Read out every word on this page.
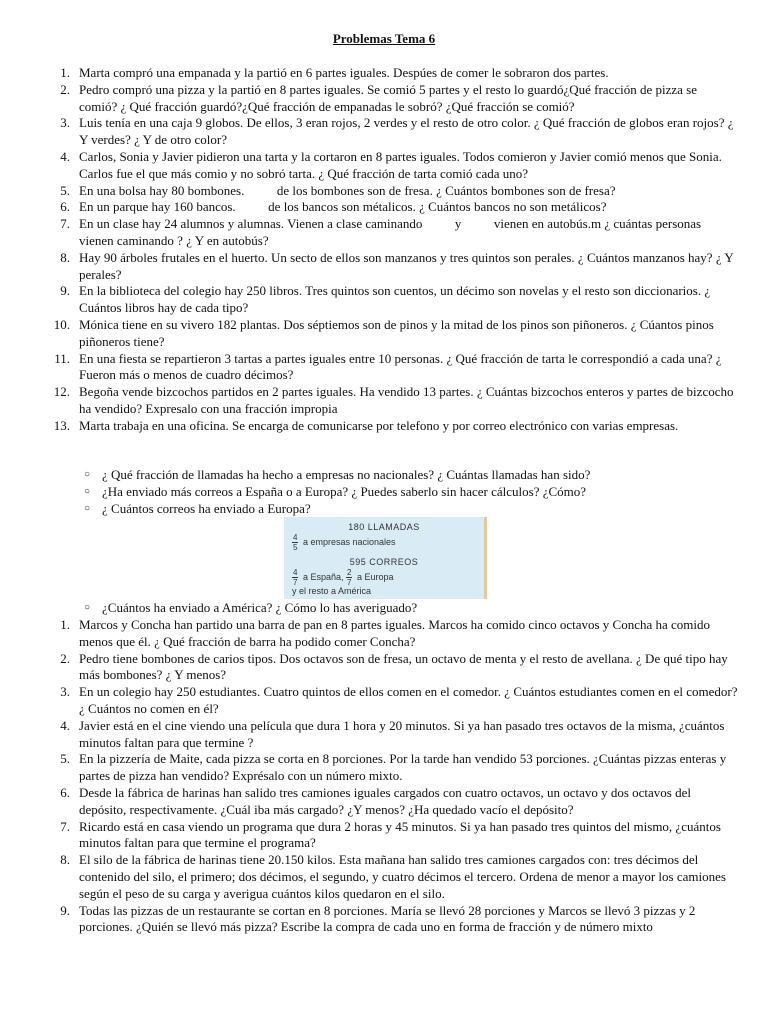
Problemas Tema 6
1. Marta compró una empanada y la partió en 6 partes iguales. Despúes de comer le sobraron dos partes.
2. Pedro compró una pizza y la partió en 8 partes iguales. Se comió 5 partes y el resto lo guardó¿Qué fracción de pizza se comió? ¿ Qué fracción guardó?¿Qué fracción de empanadas le sobró? ¿Qué fracción se comió?
3. Luis tenía en una caja 9 globos. De ellos, 3 eran rojos, 2 verdes y el resto de otro color. ¿ Qué fracción de globos eran rojos? ¿ Y verdes? ¿ Y de otro color?
4. Carlos, Sonia y Javier pidieron una tarta y la cortaron en 8 partes iguales. Todos comieron y Javier comió menos que Sonia. Carlos fue el que más comio y no sobró tarta. ¿ Qué fracción de tarta comió cada uno?
5. En una bolsa hay 80 bombones.          de los bombones son de fresa. ¿ Cuántos bombones son de fresa?
6. En un parque hay 160 bancos.          de los bancos son métalicos. ¿ Cuántos bancos no son metálicos?
7. En un clase hay 24 alumnos y alumnas. Vienen a clase caminando          y          vienen en autobús.m ¿ cuántas personas vienen caminando ? ¿ Y en autobús?
8. Hay 90 árboles frutales en el huerto. Un secto de ellos son manzanos y tres quintos son perales. ¿ Cuántos manzanos hay? ¿ Y perales?
9. En la biblioteca del colegio hay 250 libros. Tres quintos son cuentos, un décimo son novelas y el resto son diccionarios. ¿ Cuántos libros hay de cada tipo?
10. Mónica tiene en su vivero 182 plantas. Dos séptiemos son de pinos y la mitad de los pinos son piñoneros. ¿ Cúantos pinos piñoneros tiene?
11. En una fiesta se repartieron 3 tartas a partes iguales entre 10 personas. ¿ Qué fracción de tarta le correspondió a cada una? ¿ Fueron más o menos de cuadro décimos?
12. Begoña vende bizcochos partidos en 2 partes iguales. Ha vendido 13 partes. ¿ Cuántas bizcochos enteros y partes de bizcocho ha vendido? Expresalo con una fracción impropia
13. Marta trabaja en una oficina. Se encarga de comunicarse por telefono y por correo electrónico con varias empresas.
○ ¿ Qué fracción de llamadas ha hecho a empresas no nacionales? ¿ Cuántas llamadas han sido?
○ ¿Ha enviado más correos a España o a Europa? ¿ Puedes saberlo sin hacer cálculos? ¿Cómo?
○ ¿ Cuántos correos ha enviado a Europa?
180 LLAMADAS
$\frac{4}{5}$ a empresas nacionales
595 CORREOS
$\frac{4}{7}$ a España, $\frac{2}{7}$ a Europa
y el resto a América
○ ¿Cuántos ha enviado a América? ¿ Cómo lo has averiguado?
1. Marcos y Concha han partido una barra de pan en 8 partes iguales. Marcos ha comido cinco octavos y Concha ha comido menos que él. ¿ Qué fracción de barra ha podido comer Concha?
2. Pedro tiene bombones de carios tipos. Dos octavos son de fresa, un octavo de menta y el resto de avellana. ¿ De qué tipo hay más bombones? ¿ Y menos?
3. En un colegio hay 250 estudiantes. Cuatro quintos de ellos comen en el comedor. ¿ Cuántos estudiantes comen en el comedor? ¿ Cuántos no comen en él?
4. Javier está en el cine viendo una película que dura 1 hora y 20 minutos. Si ya han pasado tres octavos de la misma, ¿cuántos minutos faltan para que termine ?
5. En la pizzería de Maite, cada pizza se corta en 8 porciones. Por la tarde han vendido 53 porciones. ¿Cuántas pizzas enteras y partes de pizza han vendido? Exprésalo con un número mixto.
6. Desde la fábrica de harinas han salido tres camiones iguales cargados con cuatro octavos, un octavo y dos octavos del depósito, respectivamente. ¿Cuál iba más cargado? ¿Y menos? ¿Ha quedado vacío el depósito?
7. Ricardo está en casa viendo un programa que dura 2 horas y 45 minutos. Si ya han pasado tres quintos del mismo, ¿cuántos minutos faltan para que termine el programa?
8. El silo de la fábrica de harinas tiene 20.150 kilos. Esta mañana han salido tres camiones cargados con: tres décimos del contenido del silo, el primero; dos décimos, el segundo, y cuatro décimos el tercero. Ordena de menor a mayor los camiones según el peso de su carga y averigua cuántos kilos quedaron en el silo.
9. Todas las pizzas de un restaurante se cortan en 8 porciones. María se llevó 28 porciones y Marcos se llevó 3 pizzas y 2 porciones. ¿Quién se llevó más pizza? Escribe la compra de cada uno en forma de fracción y de número mixto
